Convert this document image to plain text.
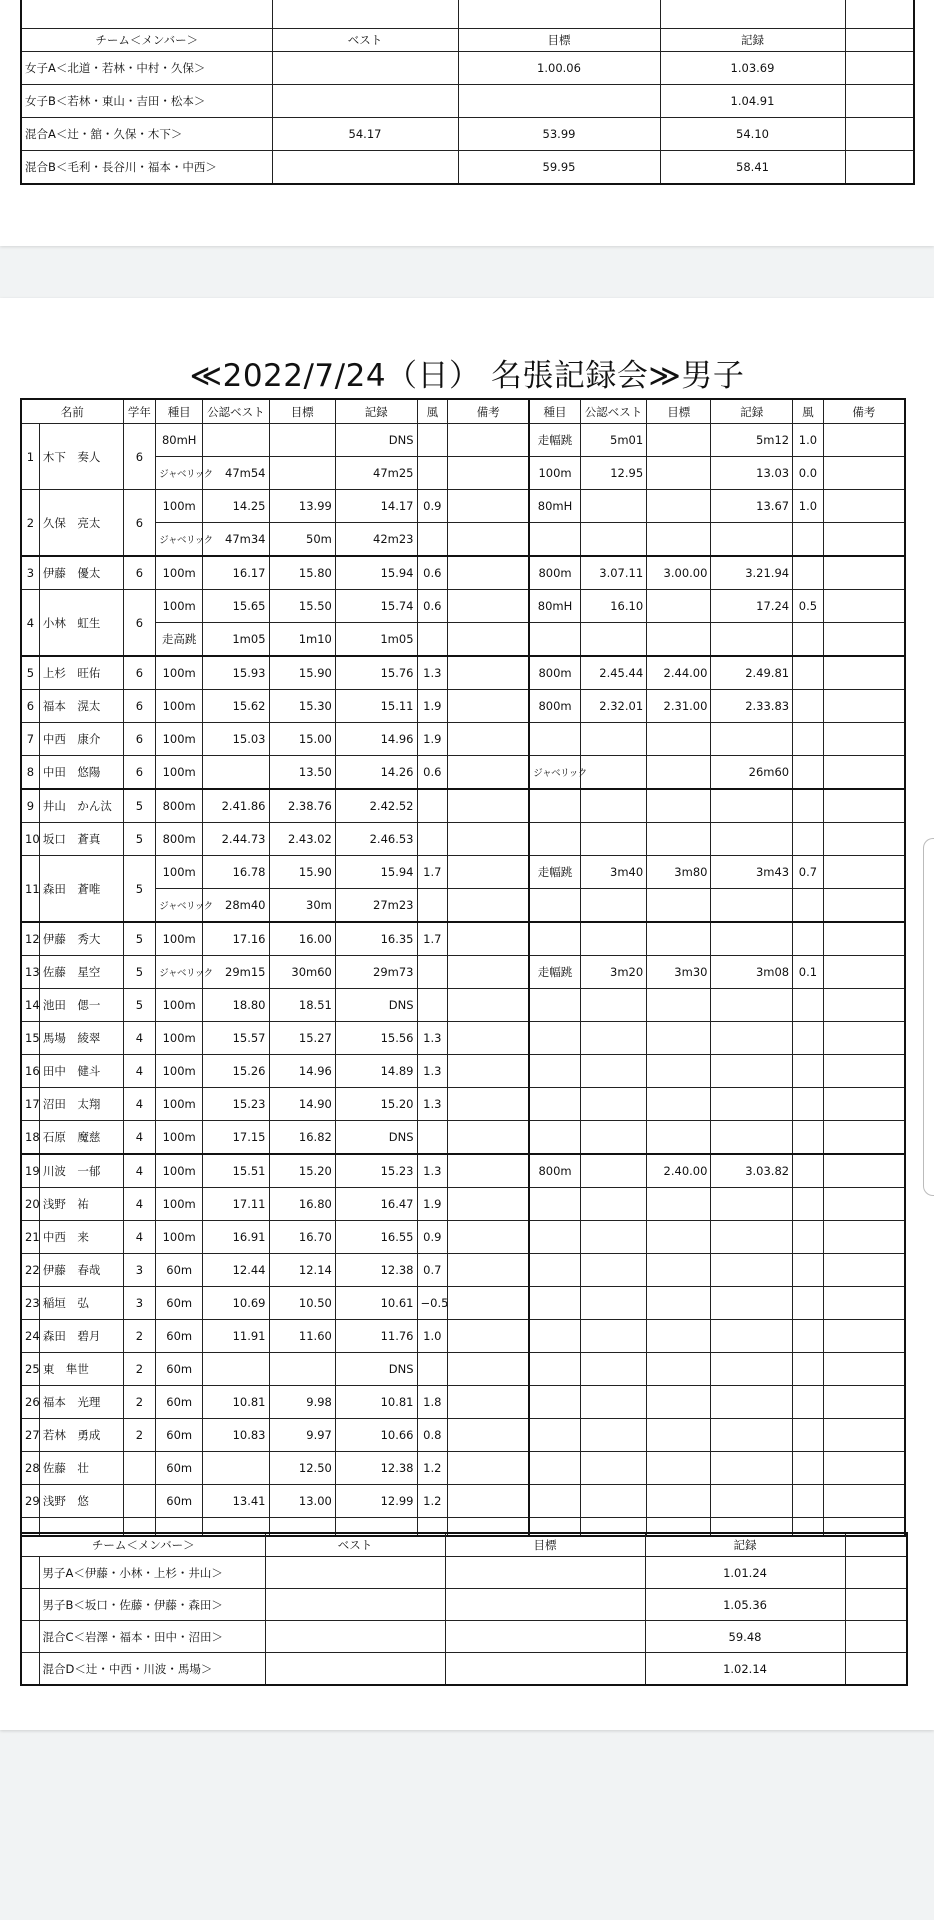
チーム＜メンバー＞	ベスト	目標	記録	
女子A＜北道・若林・中村・久保＞		1.00.06	1.03.69	
女子B＜若林・東山・吉田・松本＞			1.04.91	
混合A＜辻・舘・久保・木下＞	54.17	53.99	54.10	
混合B＜毛利・長谷川・福本・中西＞		59.95	58.41	
≪2022/7/24（日） 名張記録会≫男子
名前		学年	種目	公認ベスト	目標	記録	風	備考	種目	公認ベスト	目標	記録	風	備考
1	木下　奏人	6	80mH			DNS			走幅跳	5m01		5m12	1.0	
			ジャベリック	47m54		47m25			100m	12.95		13.03	0.0	
2	久保　亮太	6	100m	14.25	13.99	14.17	0.9		80mH			13.67	1.0	
			ジャベリック	47m34	50m	42m23								
3	伊藤　優太	6	100m	16.17	15.80	15.94	0.6		800m	3.07.11	3.00.00	3.21.94		
4	小林　虹生	6	100m	15.65	15.50	15.74	0.6		80mH	16.10		17.24	0.5	
			走高跳	1m05	1m10	1m05								
5	上杉　旺佑	6	100m	15.93	15.90	15.76	1.3		800m	2.45.44	2.44.00	2.49.81		
6	福本　滉太	6	100m	15.62	15.30	15.11	1.9		800m	2.32.01	2.31.00	2.33.83		
7	中西　康介	6	100m	15.03	15.00	14.96	1.9							
8	中田　悠陽	6	100m		13.50	14.26	0.6		ジャベリック			26m60		
9	井山　かん汰	5	800m	2.41.86	2.38.76	2.42.52								
10	坂口　蒼真	5	800m	2.44.73	2.43.02	2.46.53								
11	森田　蒼唯	5	100m	16.78	15.90	15.94	1.7		走幅跳	3m40	3m80	3m43	0.7	
			ジャベリック	28m40	30m	27m23								
12	伊藤　秀大	5	100m	17.16	16.00	16.35	1.7							
13	佐藤　星空	5	ジャベリック	29m15	30m60	29m73			走幅跳	3m20	3m30	3m08	0.1	
14	池田　偲一	5	100m	18.80	18.51	DNS								
15	馬場　綾翠	4	100m	15.57	15.27	15.56	1.3							
16	田中　健斗	4	100m	15.26	14.96	14.89	1.3							
17	沼田　太翔	4	100m	15.23	14.90	15.20	1.3							
18	石原　魔慈	4	100m	17.15	16.82	DNS								
19	川波　一郁	4	100m	15.51	15.20	15.23	1.3		800m		2.40.00	3.03.82		
20	浅野　祐	4	100m	17.11	16.80	16.47	1.9							
21	中西　来	4	100m	16.91	16.70	16.55	0.9							
22	伊藤　春哉	3	60m	12.44	12.14	12.38	0.7							
23	稲垣　弘	3	60m	10.69	10.50	10.61	−0.5							
24	森田　碧月	2	60m	11.91	11.60	11.76	1.0							
25	東　隼世	2	60m			DNS								
26	福本　光理	2	60m	10.81	9.98	10.81	1.8							
27	若林　勇成	2	60m	10.83	9.97	10.66	0.8							
28	佐藤　壮		60m		12.50	12.38	1.2							
29	浅野　悠		60m	13.41	13.00	12.99	1.2							

チーム＜メンバー＞		ベスト	目標	記録	
	男子A＜伊藤・小林・上杉・井山＞			1.01.24	
	男子B＜坂口・佐藤・伊藤・森田＞			1.05.36	
	混合C＜岩澤・福本・田中・沼田＞			59.48	
	混合D＜辻・中西・川波・馬場＞			1.02.14	
